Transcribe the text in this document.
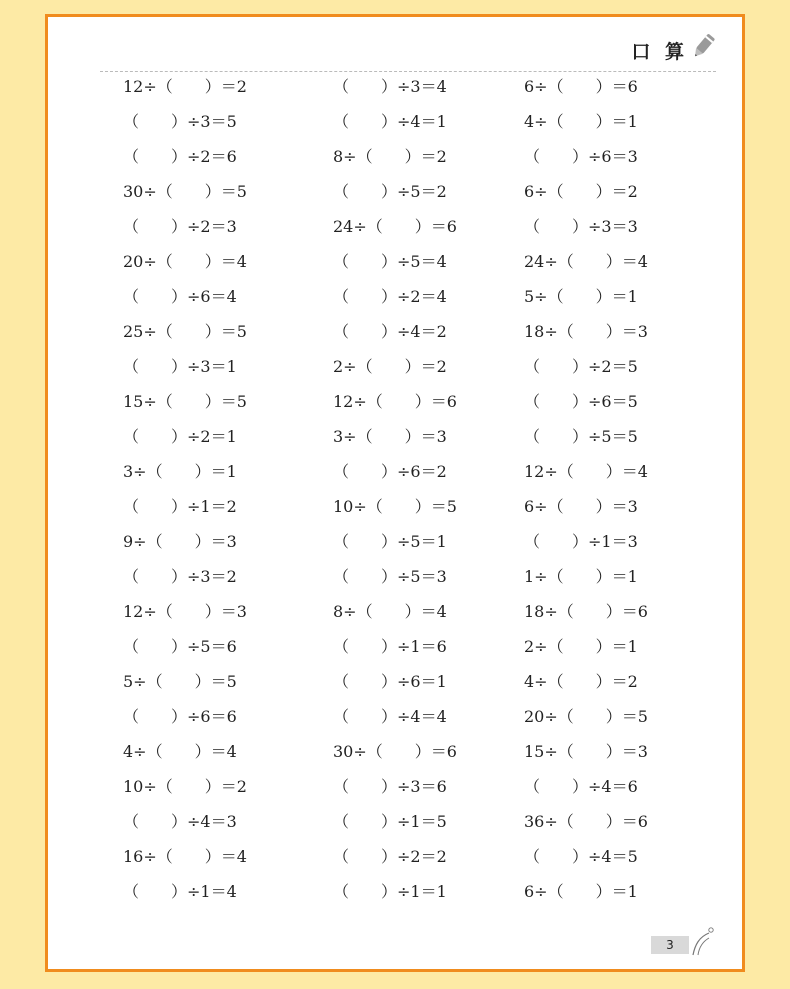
口 算
12÷（　　）＝2	（　　）÷3＝4	6÷（　　）＝6
（　　）÷3＝5	（　　）÷4＝1	4÷（　　）＝1
（　　）÷2＝6	8÷（　　）＝2	（　　）÷6＝3
30÷（　　）＝5	（　　）÷5＝2	6÷（　　）＝2
（　　）÷2＝3	24÷（　　）＝6	（　　）÷3＝3
20÷（　　）＝4	（　　）÷5＝4	24÷（　　）＝4
（　　）÷6＝4	（　　）÷2＝4	5÷（　　）＝1
25÷（　　）＝5	（　　）÷4＝2	18÷（　　）＝3
（　　）÷3＝1	2÷（　　）＝2	（　　）÷2＝5
15÷（　　）＝5	12÷（　　）＝6	（　　）÷6＝5
（　　）÷2＝1	3÷（　　）＝3	（　　）÷5＝5
3÷（　　）＝1	（　　）÷6＝2	12÷（　　）＝4
（　　）÷1＝2	10÷（　　）＝5	6÷（　　）＝3
9÷（　　）＝3	（　　）÷5＝1	（　　）÷1＝3
（　　）÷3＝2	（　　）÷5＝3	1÷（　　）＝1
12÷（　　）＝3	8÷（　　）＝4	18÷（　　）＝6
（　　）÷5＝6	（　　）÷1＝6	2÷（　　）＝1
5÷（　　）＝5	（　　）÷6＝1	4÷（　　）＝2
（　　）÷6＝6	（　　）÷4＝4	20÷（　　）＝5
4÷（　　）＝4	30÷（　　）＝6	15÷（　　）＝3
10÷（　　）＝2	（　　）÷3＝6	（　　）÷4＝6
（　　）÷4＝3	（　　）÷1＝5	36÷（　　）＝6
16÷（　　）＝4	（　　）÷2＝2	（　　）÷4＝5
（　　）÷1＝4	（　　）÷1＝1	6÷（　　）＝1
3
